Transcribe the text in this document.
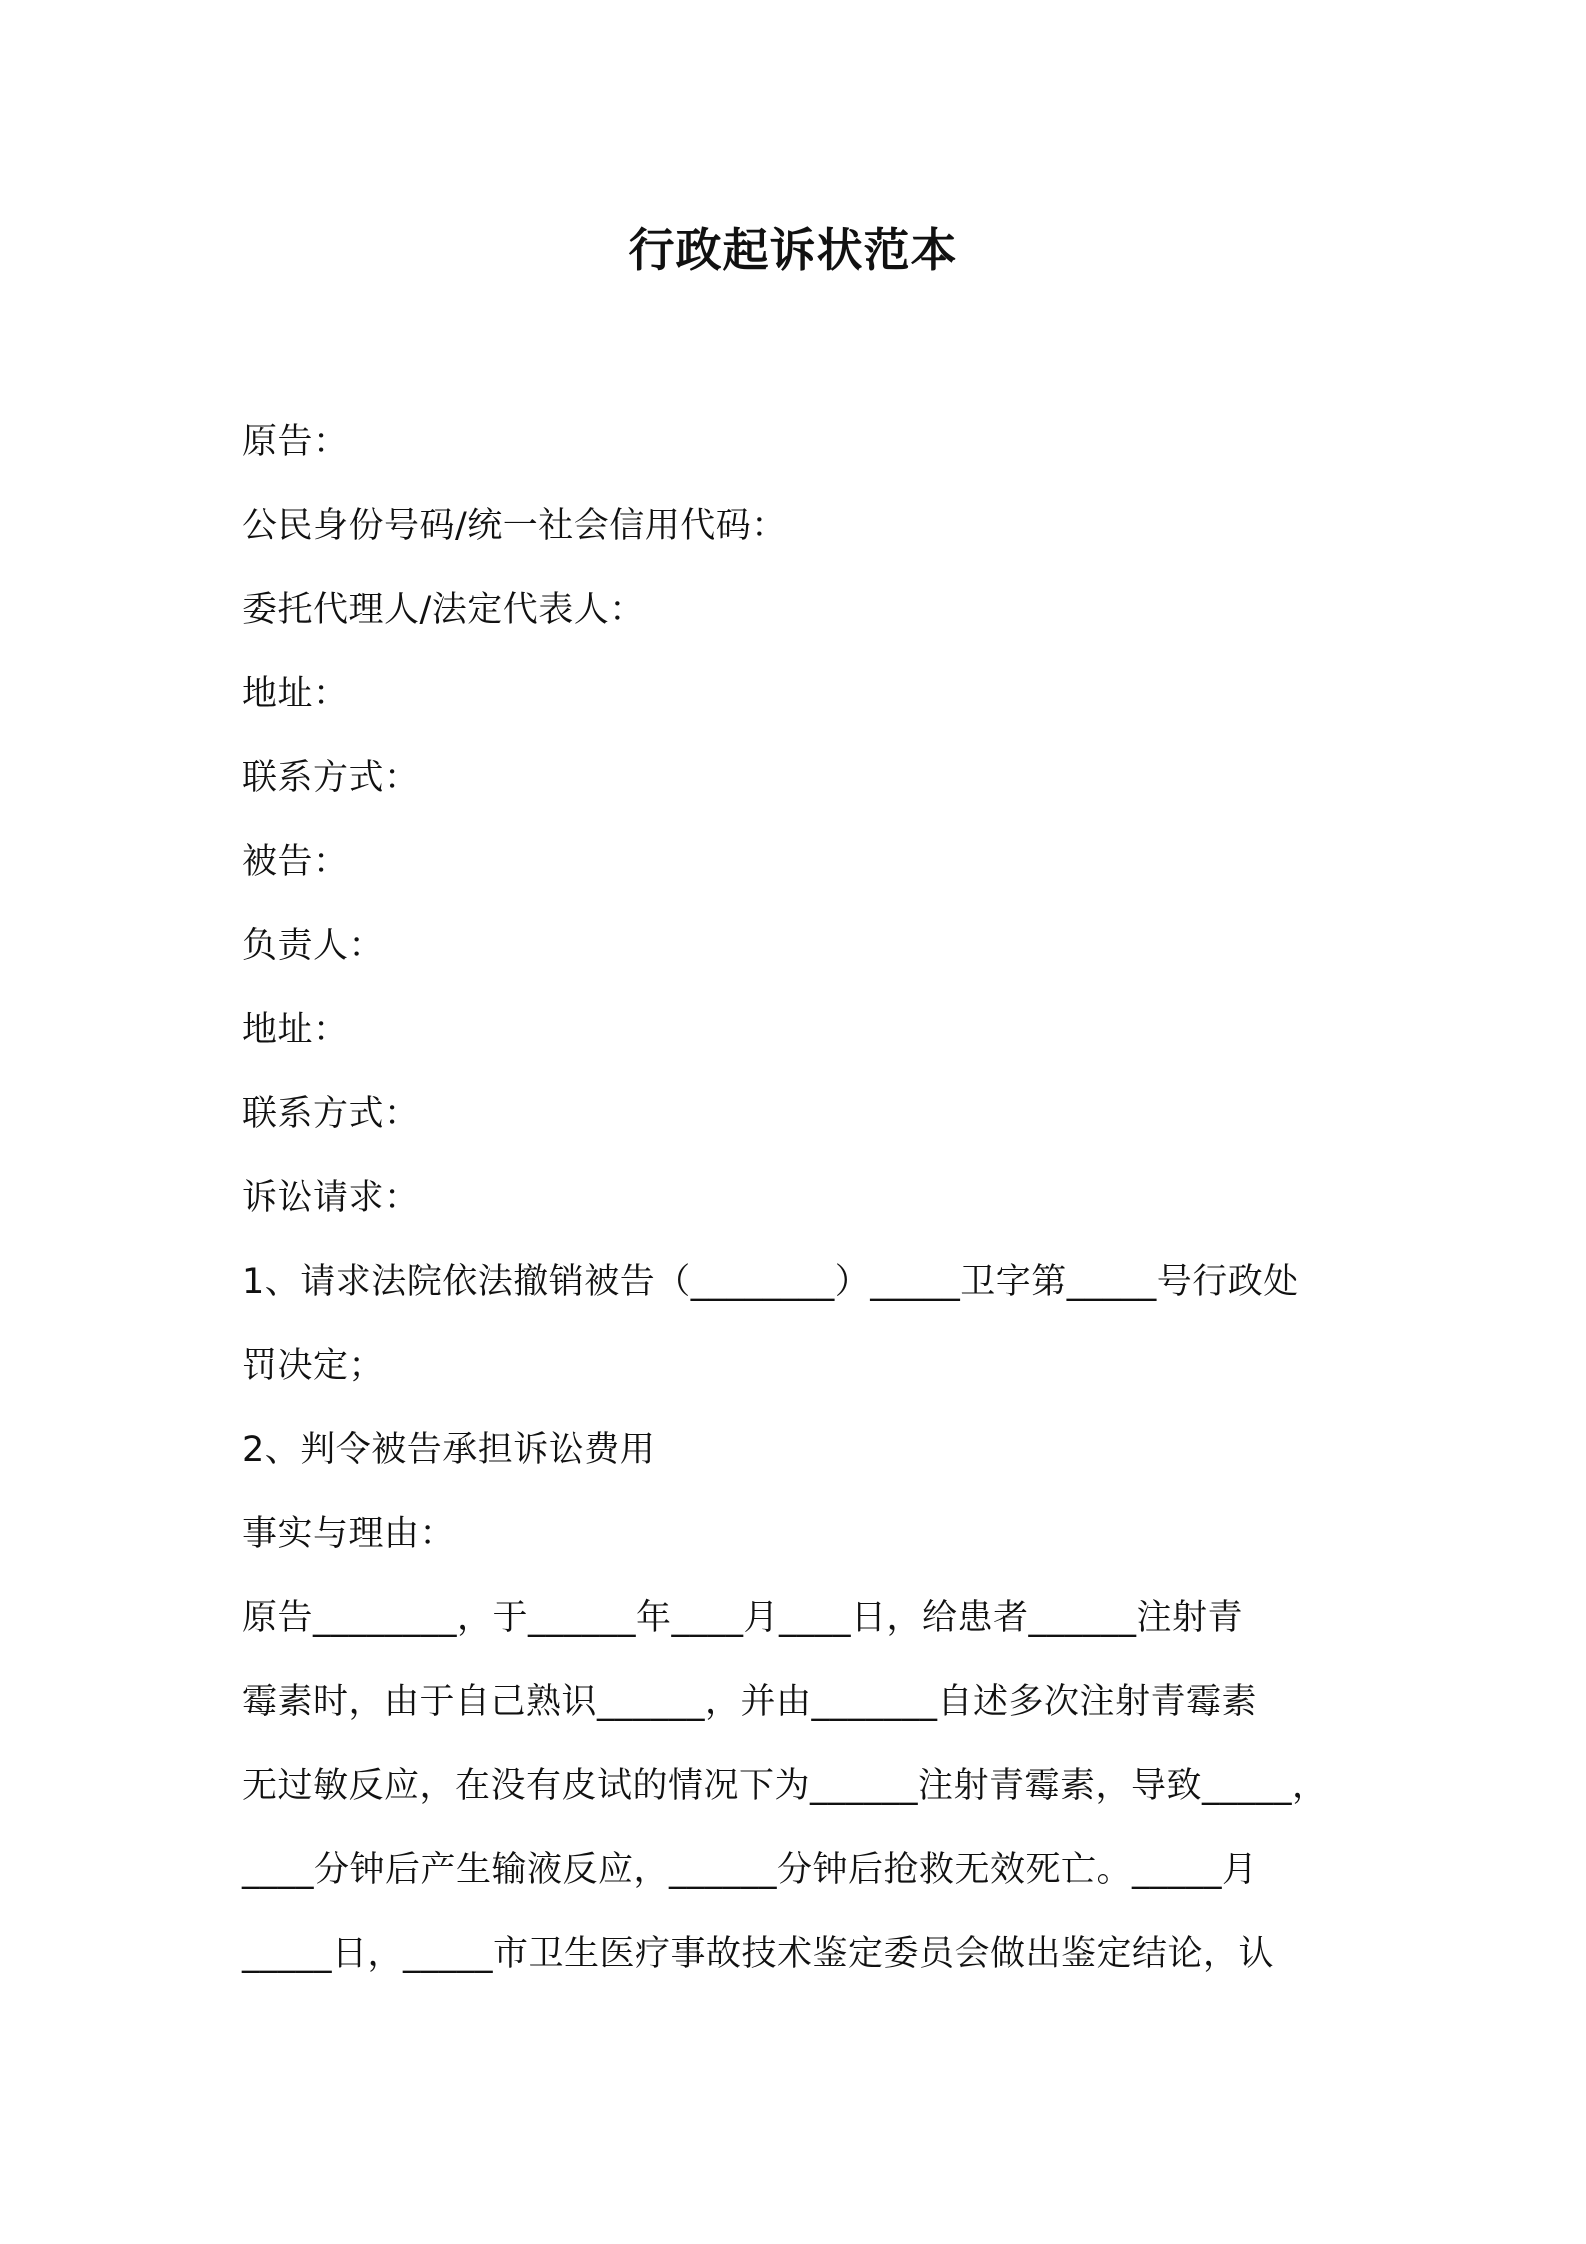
行政起诉状范本
原告：
公民身份号码/统一社会信用代码：
委托代理人/法定代表人：
地址：
联系方式：
被告：
负责人：
地址：
联系方式：
诉讼请求：
1、请求法院依法撤销被告（________）_____卫字第_____号行政处
罚决定；
2、判令被告承担诉讼费用
事实与理由：
原告________，于______年____月____日，给患者______注射青
霉素时，由于自己熟识______，并由_______自述多次注射青霉素
无过敏反应，在没有皮试的情况下为______注射青霉素，导致_____，
____分钟后产生输液反应，______分钟后抢救无效死亡。_____月
_____日，_____市卫生医疗事故技术鉴定委员会做出鉴定结论，认
